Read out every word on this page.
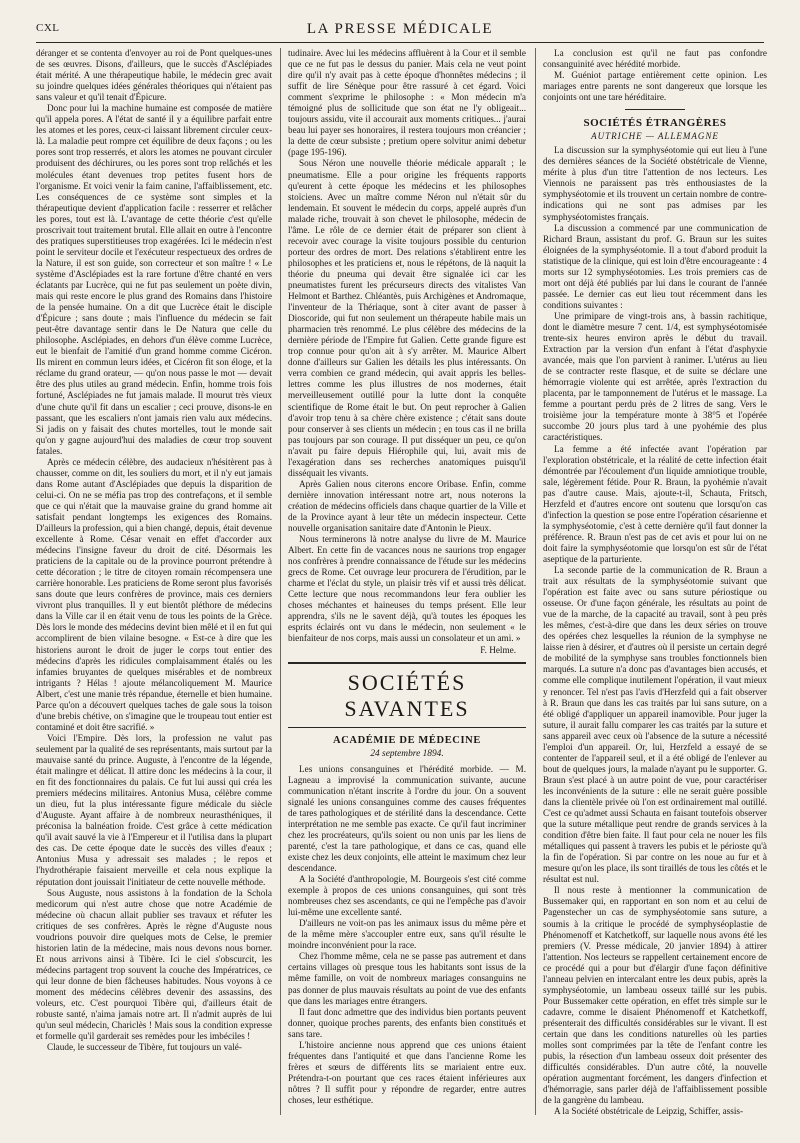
CXL	LA PRESSE MÉDICALE

déranger et se contenta d'envoyer au roi de Pont quelques-unes de ses œuvres. Disons, d'ailleurs, que le succès d'Asclépiades était mérité. A une thérapeutique habile, le médecin grec avait su joindre quelques idées générales théoriques qui n'étaient pas sans valeur et qu'il tenait d'Épicure.

Donc pour lui la machine humaine est composée de matière qu'il appela pores. A l'état de santé il y a équilibre parfait entre les atomes et les pores, ceux-ci laissant librement circuler ceux-là. La maladie peut rompre cet équilibre de deux façons ; ou les pores sont trop resserrés, et alors les atomes ne pouvant circuler produisent des déchirures, ou les pores sont trop relâchés et les molécules étant devenues trop petites fusent hors de l'organisme. Et voici venir la faim canine, l'affaiblissement, etc. Les conséquences de ce système sont simples et la thérapeutique devient d'application facile : resserrer et relâcher les pores, tout est là. L'avantage de cette théorie c'est qu'elle proscrivait tout traitement brutal. Elle allait en outre à l'encontre des pratiques superstitieuses trop exagérées. Ici le médecin n'est point le serviteur docile et l'exécuteur respectueux des ordres de la Nature, il est son guide, son correcteur et son maître ! « Le système d'Asclépiades est la rare fortune d'être chanté en vers éclatants par Lucrèce, qui ne fut pas seulement un poète divin, mais qui reste encore le plus grand des Romains dans l'histoire de la pensée humaine. On a dit que Lucrèce était le disciple d'Épicure ; sans doute ; mais l'influence du médecin se fait peut-être davantage sentir dans le De Natura que celle du philosophe. Asclépiades, en dehors d'un élève comme Lucrèce, eut le bienfait de l'amitié d'un grand homme comme Cicéron. Ils mirent en commun leurs idées, et Cicéron fit son éloge, et la réclame du grand orateur, — qu'on nous passe le mot — devait être des plus utiles au grand médecin. Enfin, homme trois fois fortuné, Asclépiades ne fut jamais malade. Il mourut très vieux d'une chute qu'il fit dans un escalier ; ceci prouve, disons-le en passant, que les escaliers n'ont jamais rien valu aux médecins. Si jadis on y faisait des chutes mortelles, tout le monde sait qu'on y gagne aujourd'hui des maladies de cœur trop souvent fatales.

Après ce médecin célèbre, des audacieux n'hésitèrent pas à chausser, comme on dit, les souliers du mort, et il n'y eut jamais dans Rome autant d'Asclépiades que depuis la disparition de celui-ci. On ne se méfia pas trop des contrefaçons, et il semble que ce qui n'était que la mauvaise graine du grand homme ait satisfait pendant longtemps les exigences des Romains. D'ailleurs la profession, qui a bien changé, depuis, était devenue excellente à Rome. César venait en effet d'accorder aux médecins l'insigne faveur du droit de cité. Désormais les praticiens de la capitale ou de la province pourront prétendre à cette décoration ; le titre de citoyen romain récompensera une carrière honorable. Les praticiens de Rome seront plus favorisés sans doute que leurs confrères de province, mais ces derniers vivront plus tranquilles. Il y eut bientôt pléthore de médecins dans la Ville car il en était venu de tous les points de la Grèce. Dès lors le monde des médecins devint bien mêlé et il en fut qui accomplirent de bien vilaine besogne. « Est-ce à dire que les historiens auront le droit de juger le corps tout entier des médecins d'après les ridicules complaisamment étalés ou les infamies bruyantes de quelques misérables et de nombreux intrigants ? Hélas ! ajoute mélancoliquement M. Maurice Albert, c'est une manie très répandue, éternelle et bien humaine. Parce qu'on a découvert quelques taches de gale sous la toison d'une brebis chétive, on s'imagine que le troupeau tout entier est contaminé et doit être sacrifié. »

Voici l'Empire. Dès lors, la profession ne valut pas seulement par la qualité de ses représentants, mais surtout par la mauvaise santé du prince. Auguste, à l'encontre de la légende, était malingre et délicat. Il attire donc les médecins à la cour, il en fit des fonctionnaires du palais. Ce fut lui aussi qui créa les premiers médecins militaires. Antonius Musa, célèbre comme un dieu, fut la plus intéressante figure médicale du siècle d'Auguste. Ayant affaire à de nombreux neurasthéniques, il préconisa la balnéation froide. C'est grâce à cette médication qu'il avait sauvé la vie à l'Empereur et il l'utilisa dans la plupart des cas. De cette époque date le succès des villes d'eaux ; Antonius Musa y adressait ses malades ; le repos et l'hydrothérapie faisaient merveille et cela nous explique la réputation dont jouissait l'initiateur de cette nouvelle méthode.

Sous Auguste, nous assistons à la fondation de la Schola medicorum qui n'est autre chose que notre Académie de médecine où chacun allait publier ses travaux et réfuter les critiques de ses confrères. Après le règne d'Auguste nous voudrions pouvoir dire quelques mots de Celse, le premier historien latin de la médecine, mais nous devons nous borner. Et nous arrivons ainsi à Tibère. Ici le ciel s'obscurcit, les médecins partagent trop souvent la couche des Impératrices, ce qui leur donne de bien fâcheuses habitudes. Nous voyons à ce moment des médecins célèbres devenir des assassins, des voleurs, etc. C'est pourquoi Tibère qui, d'ailleurs était de robuste santé, n'aima jamais notre art. Il n'admit auprès de lui qu'un seul médecin, Chariclès ! Mais sous la condition expresse et formelle qu'il garderait ses remèdes pour les imbéciles !

Claude, le successeur de Tibère, fut toujours un valé-

tudinaire. Avec lui les médecins affluèrent à la Cour et il semble que ce ne fut pas le dessus du panier. Mais cela ne veut point dire qu'il n'y avait pas à cette époque d'honnêtes médecins ; il suffit de lire Sénèque pour être rassuré à cet égard. Voici comment s'exprime le philosophe : « Mon médecin m'a témoigné plus de sollicitude que son état ne l'y obligeait... toujours assidu, vite il accourait aux moments critiques... j'aurai beau lui payer ses honoraires, il restera toujours mon créancier ; la dette de cœur subsiste ; pretium opere solvitur animi debetur (page 195-196).

Sous Néron une nouvelle théorie médicale apparaît ; le pneumatisme. Elle a pour origine les fréquents rapports qu'eurent à cette époque les médecins et les philosophes stoïciens. Avec un maître comme Néron nul n'était sûr du lendemain. Et souvent le médecin du corps, appelé auprès d'un malade riche, trouvait à son chevet le philosophe, médecin de l'âme. Le rôle de ce dernier était de préparer son client à recevoir avec courage la visite toujours possible du centurion porteur des ordres de mort. Des relations s'établirent entre les philosophes et les praticiens et, nous le répétons, de là naquit la théorie du pneuma qui devait être signalée ici car les pneumatistes furent les précurseurs directs des vitalistes Van Helmont et Barthez. Chléantès, puis Archigènes et Andromaque, l'inventeur de la Thériaque, sont à citer avant de passer à Dioscoride, qui fut non seulement un thérapeute habile mais un pharmacien très renommé. Le plus célèbre des médecins de la dernière période de l'Empire fut Galien. Cette grande figure est trop connue pour qu'on ait à s'y arrêter. M. Maurice Albert donne d'ailleurs sur Galien les détails les plus intéressants. On verra combien ce grand médecin, qui avait appris les belles-lettres comme les plus illustres de nos modernes, était merveilleusement outillé pour la lutte dont la conquête scientifique de Rome était le but. On peut reprocher à Galien d'avoir trop tenu à sa chère chère existence ; c'était sans doute pour conserver à ses clients un médecin ; en tous cas il ne brilla pas toujours par son courage. Il put disséquer un peu, ce qu'on n'avait pu faire depuis Hiérophile qui, lui, avait mis de l'exagération dans ses recherches anatomiques puisqu'il disséquait les vivants.

Après Galien nous citerons encore Oribase. Enfin, comme dernière innovation intéressant notre art, nous noterons la création de médecins officiels dans chaque quartier de la Ville et de la Province ayant à leur tête un médecin inspecteur. Cette nouvelle organisation sanitaire date d'Antonin le Pieux.

Nous terminerons là notre analyse du livre de M. Maurice Albert. En cette fin de vacances nous ne saurions trop engager nos confrères à prendre connaissance de l'étude sur les médecins grecs de Rome. Cet ouvrage leur procurera de l'érudition, par le charme et l'éclat du style, un plaisir très vif et aussi très délicat. Cette lecture que nous recommandons leur fera oublier les choses méchantes et haineuses du temps présent. Elle leur apprendra, s'ils ne le savent déjà, qu'à toutes les époques les esprits éclairés ont vu dans le médecin, non seulement « le bienfaiteur de nos corps, mais aussi un consolateur et un ami. »

F. Helme.

SOCIÉTÉS SAVANTES
ACADÉMIE DE MÉDECINE
24 septembre 1894.

Les unions consanguines et l'hérédité morbide. — M. Lagneau a improvisé la communication suivante, aucune communication n'étant inscrite à l'ordre du jour. On a souvent signalé les unions consanguines comme des causes fréquentes de tares pathologiques et de stérilité dans la descendance. Cette interprétation ne me semble pas exacte. Ce qu'il faut incriminer chez les procréateurs, qu'ils soient ou non unis par les liens de parenté, c'est la tare pathologique, et dans ce cas, quand elle existe chez les deux conjoints, elle atteint le maximum chez leur descendance.

A la Société d'anthropologie, M. Bourgeois s'est cité comme exemple à propos de ces unions consanguines, qui sont très nombreuses chez ses ascendants, ce qui ne l'empêche pas d'avoir lui-même une excellente santé.

D'ailleurs ne voit-on pas les animaux issus du même père et de la même mère s'accoupler entre eux, sans qu'il résulte le moindre inconvénient pour la race.

Chez l'homme même, cela ne se passe pas autrement et dans certains villages où presque tous les habitants sont issus de la même famille, on voit de nombreux mariages consanguins ne pas donner de plus mauvais résultats au point de vue des enfants que dans les mariages entre étrangers.

Il faut donc admettre que des individus bien portants peuvent donner, quoique proches parents, des enfants bien constitués et sans tare.

L'histoire ancienne nous apprend que ces unions étaient fréquentes dans l'antiquité et que dans l'ancienne Rome les frères et sœurs de différents lits se mariaient entre eux. Prétendra-t-on pourtant que ces races étaient inférieures aux nôtres ? Il suffit pour y répondre de regarder, entre autres choses, leur esthétique.

La conclusion est qu'il ne faut pas confondre consanguinité avec hérédité morbide.

M. Guéniot partage entièrement cette opinion. Les mariages entre parents ne sont dangereux que lorsque les conjoints ont une tare héréditaire.

SOCIÉTÉS ÉTRANGÈRES
AUTRICHE — ALLEMAGNE

La discussion sur la symphyséotomie qui eut lieu à l'une des dernières séances de la Société obstétricale de Vienne, mérite à plus d'un titre l'attention de nos lecteurs. Les Viennois ne paraissent pas très enthousiastes de la symphyséotomie et ils trouvent un certain nombre de contre-indications qui ne sont pas admises par les symphyséotomistes français.

La discussion a commencé par une communication de Richard Braun, assistant du prof. G. Braun sur les suites éloignées de la symphyséotomie. Il a tout d'abord produit la statistique de la clinique, qui est loin d'être encourageante : 4 morts sur 12 symphyséotomies. Les trois premiers cas de mort ont déjà été publiés par lui dans le courant de l'année passée. Le dernier cas eut lieu tout récemment dans les conditions suivantes :

Une primipare de vingt-trois ans, à bassin rachitique, dont le diamètre mesure 7 cent. 1/4, est symphyséotomisée trente-six heures environ après le début du travail. Extraction par la version d'un enfant à l'état d'asphyxie avancée, mais que l'on parvient à ranimer. L'utérus au lieu de se contracter reste flasque, et de suite se déclare une hémorragie violente qui est arrêtée, après l'extraction du placenta, par le tamponnement de l'utérus et le massage. La femme a pourtant perdu près de 2 litres de sang. Vers le troisième jour la température monte à 38°5 et l'opérée succombe 20 jours plus tard à une pyohémie des plus caractéristiques.

La femme a été infectée avant l'opération par l'exploration obstétricale, et la réalité de cette infection était démontrée par l'écoulement d'un liquide amniotique trouble, sale, légèrement fétide. Pour R. Braun, la pyohémie n'avait pas d'autre cause. Mais, ajoute-t-il, Schauta, Fritsch, Herzfeld et d'autres encore ont soutenu que lorsqu'on cas d'infection la question se pose entre l'opération césarienne et la symphyséotomie, c'est à cette dernière qu'il faut donner la préférence. R. Braun n'est pas de cet avis et pour lui on ne doit faire la symphyséotomie que lorsqu'on est sûr de l'état aseptique de la parturiente.

La seconde partie de la communication de R. Braun a trait aux résultats de la symphyséotomie suivant que l'opération est faite avec ou sans suture périostique ou osseuse. Or d'une façon générale, les résultats au point de vue de la marche, de la capacité au travail, sont à peu près les mêmes, c'est-à-dire que dans les deux séries on trouve des opérées chez lesquelles la réunion de la symphyse ne laisse rien à désirer, et d'autres où il persiste un certain degré de mobilité de la symphyse sans troubles fonctionnels bien marqués. La suture n'a donc pas d'avantages bien accusés, et comme elle complique inutilement l'opération, il vaut mieux y renoncer. Tel n'est pas l'avis d'Herzfeld qui a fait observer à R. Braun que dans les cas traités par lui sans suture, on a été obligé d'appliquer un appareil inamovible. Pour juger la suture, il aurait fallu comparer les cas traités par la suture et sans appareil avec ceux où l'absence de la suture a nécessité l'emploi d'un appareil. Or, lui, Herzfeld a essayé de se contenter de l'appareil seul, et il a été obligé de l'enlever au bout de quelques jours, la malade n'ayant pu le supporter. G. Braun s'est placé à un autre point de vue, pour caractériser les inconvénients de la suture : elle ne serait guère possible dans la clientèle privée où l'on est ordinairement mal outillé. C'est ce qu'admet aussi Schauta en faisant toutefois observer que la suture métallique peut rendre de grands services à la condition d'être bien faite. Il faut pour cela ne nouer les fils métalliques qui passent à travers les pubis et le périoste qu'à la fin de l'opération. Si par contre on les noue au fur et à mesure qu'on les place, ils sont tiraillés de tous les côtés et le résultat est nul.

Il nous reste à mentionner la communication de Bussemaker qui, en rapportant en son nom et au celui de Pagenstecher un cas de symphyséotomie sans suture, a soumis à la critique le procédé de symphyséoplastie de Phénomenoff et Katchetkoff, sur laquelle nous avons été les premiers (V. Presse médicale, 20 janvier 1894) à attirer l'attention. Nos lecteurs se rappellent certainement encore de ce procédé qui a pour but d'élargir d'une façon définitive l'anneau pelvien en intercalant entre les deux pubis, après la symphyséotomie, un lambeau osseux taillé sur les pubis. Pour Bussemaker cette opération, en effet très simple sur le cadavre, comme le disaient Phénomenoff et Katchetkoff, présenterait des difficultés considérables sur le vivant. Il est certain que dans les conditions naturelles où les parties molles sont comprimées par la tête de l'enfant contre les pubis, la résection d'un lambeau osseux doit présenter des difficultés considérables. D'un autre côté, la nouvelle opération augmentant forcément, les dangers d'infection et d'hémorragie, sans parler déjà de l'affaiblissement possible de la gangrène du lambeau.

A la Société obstétricale de Leipzig, Schiffer, assis-
